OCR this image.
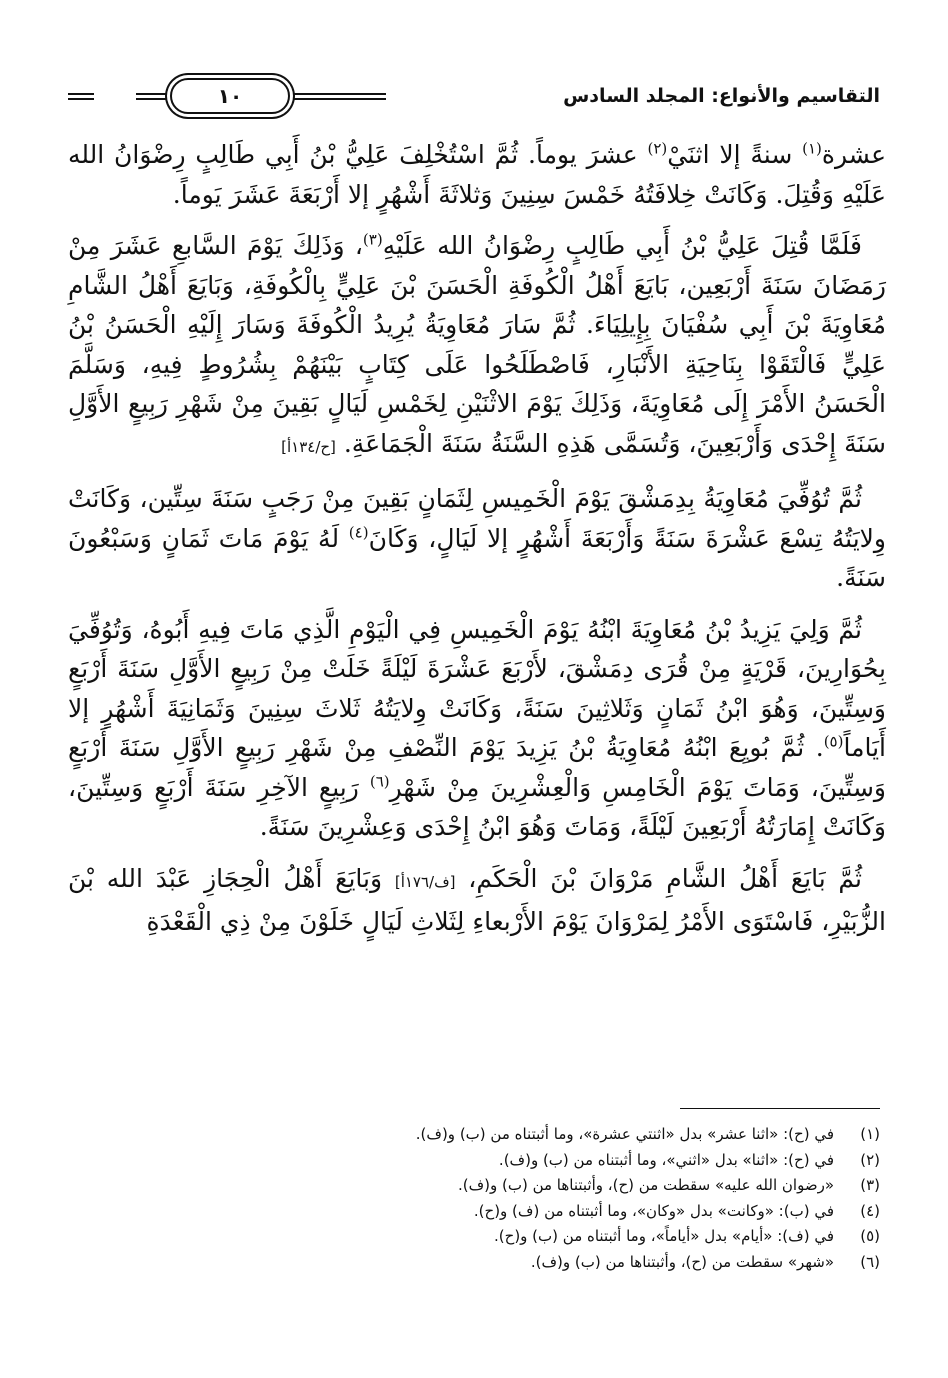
التقاسيم والأنواع: المجلد السادس
١٠

عشرة$^{(١)}$ سنةً إلا اثنَيْ$^{(٢)}$ عشرَ يوماً. ثُمَّ اسْتُخْلِفَ عَلِيُّ بْنُ أَبِي طَالِبٍ رِضْوَانُ الله عَلَيْهِ وَقُتِلَ. وَكَانَتْ خِلافَتُهُ خَمْسَ سِنِينَ وَثلاثَةَ أَشْهُرٍ إلا أَرْبَعَةَ عَشَرَ يَوماً.

فَلَمَّا قُتِلَ عَلِيُّ بْنُ أَبِي طَالِبٍ رِضْوَانُ الله عَلَيْهِ$^{(٣)}$، وَذَلِكَ يَوْمَ السَّابعِ عَشَرَ مِنْ رَمَضَانَ سَنَةَ أَرْبَعِين، بَايَعَ أَهْلُ الْكُوفَةِ الْحَسَنَ بْنَ عَلِيٍّ بِالْكُوفَةِ، وَبَايَعَ أَهْلُ الشَّامِ مُعَاوِيَةَ بْنَ أَبِي سُفْيَانَ بِإِيلِيَاءَ. ثُمَّ سَارَ مُعَاوِيَةُ يُرِيدُ الْكُوفَةَ وَسَارَ إِلَيْهِ الْحَسَنُ بْنُ عَلِيٍّ فَالْتَقَوْا بِنَاحِيَةِ الأَنْبَارِ، فَاصْطَلَحُوا عَلَى كِتَابٍ بَيْنَهُمْ بِشُرُوطٍ فِيهِ، وَسَلَّمَ الْحَسَنُ الأَمْرَ إِلَى مُعَاوِيَةَ، وَذَلِكَ يَوْمَ الاثْنَيْنِ لِخَمْسِ لَيَالٍ بَقِينَ مِنْ شَهْرِ رَبِيعٍ الأَوَّلِ سَنَةَ إِحْدَى وَأَرْبَعِينَ، وَتُسَمَّى هَذِهِ السَّنَةُ سَنَةَ الْجَمَاعَةِ. [ح/١٣٤أ]

ثُمَّ تُوُفِّيَ مُعَاوِيَةُ بِدِمَشْقَ يَوْمَ الْخَمِيسِ لِثَمَانٍ بَقِينَ مِنْ رَجَبٍ سَنَةَ سِتِّين، وَكَانَتْ وِلايَتُهُ تِسْعَ عَشْرَةَ سَنَةً وَأَرْبَعَةَ أَشْهُرٍ إلا لَيَالٍ، وَكَانَ$^{(٤)}$ لَهُ يَوْمَ مَاتَ ثَمَانٍ وَسَبْعُونَ سَنَةً.

ثُمَّ وَلِيَ يَزِيدُ بْنُ مُعَاوِيَةَ ابْنُهُ يَوْمَ الْخَمِيسِ فِي الْيَوْمِ الَّذِي مَاتَ فِيهِ أَبُوهُ، وَتُوُفِّيَ بِحُوَارِينَ، قَرْيَةٍ مِنْ قُرَى دِمَشْقَ، لأَرْبَعَ عَشْرَةَ لَيْلَةً خَلَتْ مِنْ رَبِيعٍ الأَوَّلِ سَنَةَ أَرْبَعٍ وَسِتِّينَ، وَهُوَ ابْنُ ثَمَانٍ وَثَلاثِينَ سَنَةً، وَكَانَتْ وِلايَتُهُ ثَلاثَ سِنِينَ وَثَمَانِيَةَ أَشْهُرٍ إلا أَيَاماً$^{(٥)}$. ثُمَّ بُويِعَ ابْنُهُ مُعَاوِيَةُ بْنُ يَزِيدَ يَوْمَ النِّصْفِ مِنْ شَهْرِ رَبِيعٍ الأَوَّلِ سَنَةَ أَرْبَعٍ وَسِتِّينَ، وَمَاتَ يَوْمَ الْخَامِسِ وَالْعِشْرِينَ مِنْ شَهْرِ$^{(٦)}$ رَبِيعٍ الآخِرِ سَنَةَ أَرْبَعٍ وَسِتِّينَ، وَكَانَتْ إِمَارَتُهُ أَرْبَعِينَ لَيْلَةً، وَمَاتَ وَهُوَ ابْنُ إِحْدَى وَعِشْرِينَ سَنَةً.

ثُمَّ بَايَعَ أَهْلُ الشَّامِ مَرْوَانَ بْنَ الْحَكَمِ، [ف/١٧٦أ] وَبَايَعَ أَهْلُ الْحِجَازِ عَبْدَ الله بْنَ الزُّبَيْرِ، فَاسْتَوَى الأَمْرُ لِمَرْوَانَ يَوْمَ الأَرْبعاءِ لِثَلاثِ لَيَالٍ خَلَوْنَ مِنْ ذِي الْقَعْدَةِ

(١)
في (ح): «اثنا عشر» بدل «اثنتي عشرة»، وما أثبتناه من (ب) و(ف).
(٢)
في (ح): «اثنا» بدل «اثني»، وما أثبتناه من (ب) و(ف).
(٣)
«رضوان الله عليه» سقطت من (ح)، وأثبتناها من (ب) و(ف).
(٤)
في (ب): «وكانت» بدل «وكان»، وما أثبتناه من (ف) و(ح).
(٥)
في (ف): «أيام» بدل «أياماً»، وما أثبتناه من (ب) و(ح).
(٦)
«شهر» سقطت من (ح)، وأثبتناها من (ب) و(ف).
